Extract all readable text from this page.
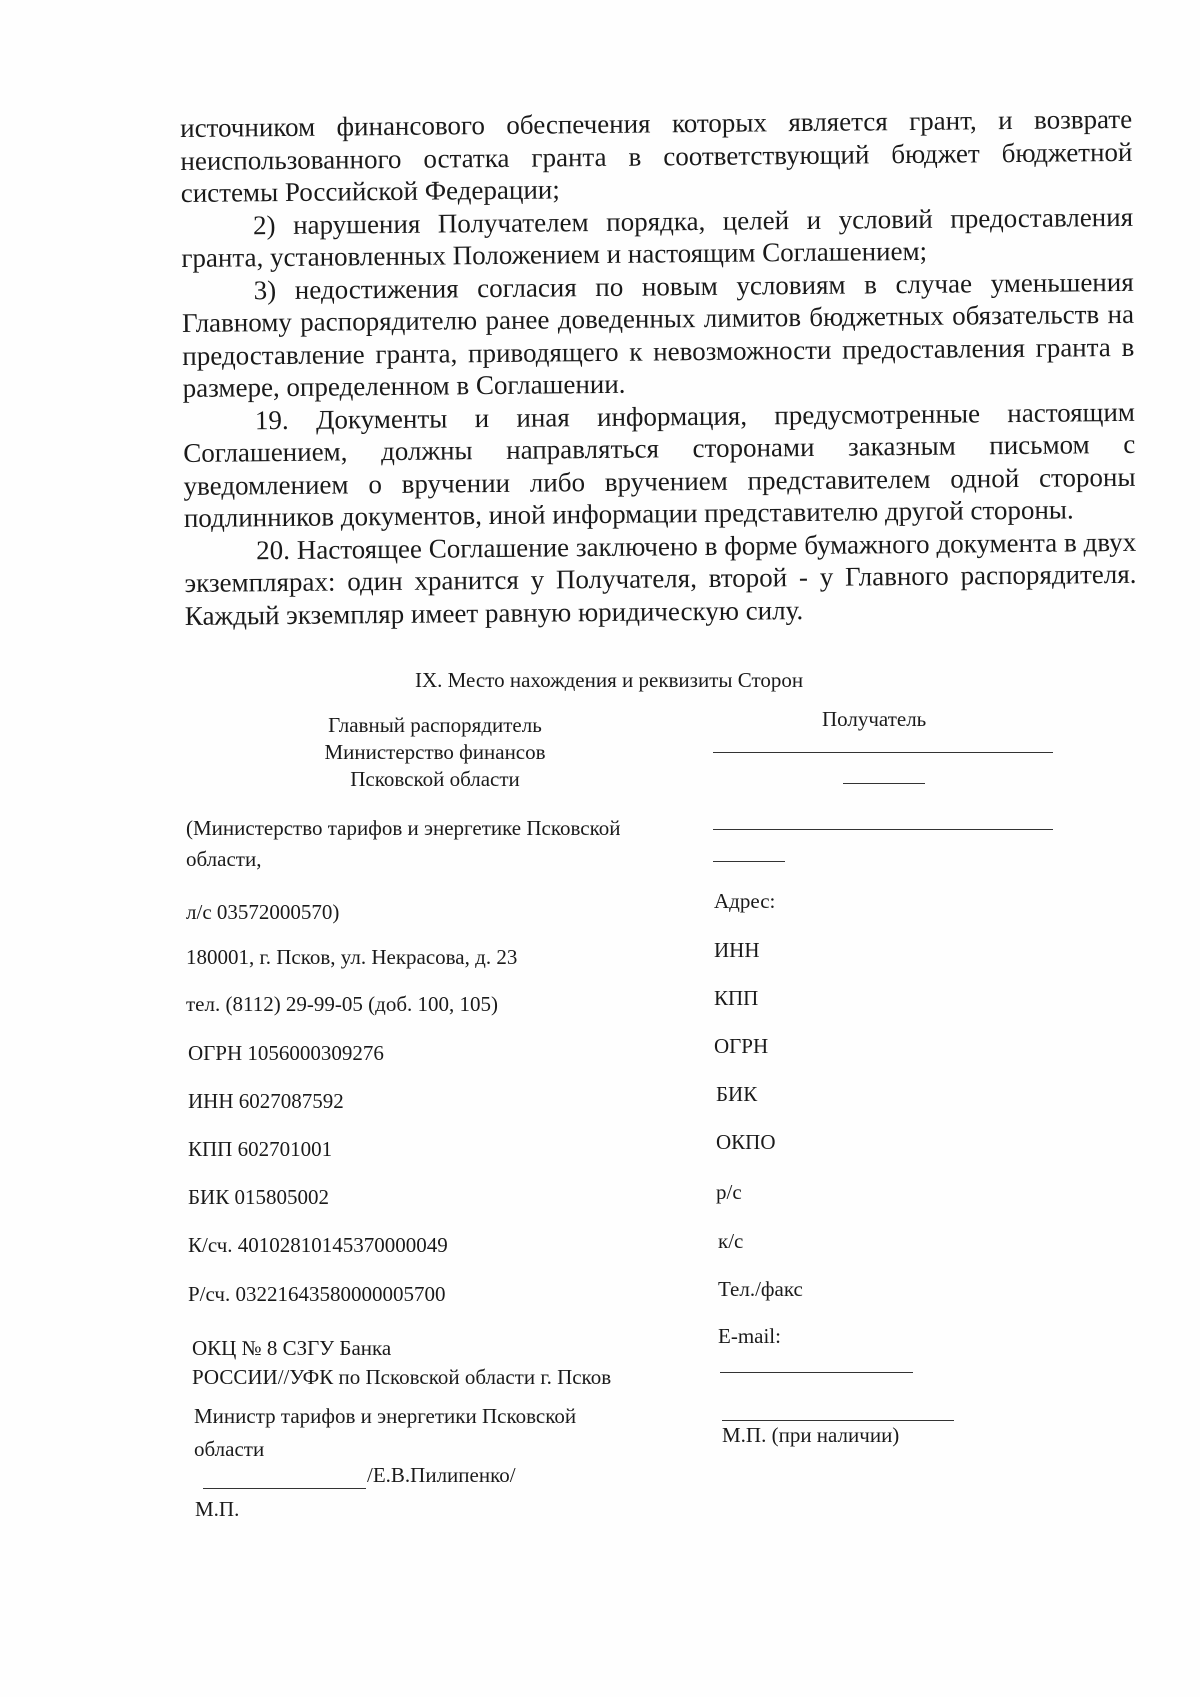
источником финансового обеспечения которых является грант, и возврате неиспользованного остатка гранта в соответствующий бюджет бюджетной системы Российской Федерации;

2) нарушения Получателем порядка, целей и условий предоставления гранта, установленных Положением и настоящим Соглашением;

3) недостижения согласия по новым условиям в случае уменьшения Главному распорядителю ранее доведенных лимитов бюджетных обязательств на предоставление гранта, приводящего к невозможности предоставления гранта в размере, определенном в Соглашении.

19. Документы и иная информация, предусмотренные настоящим Соглашением, должны направляться сторонами заказным письмом с уведомлением о вручении либо вручением представителем одной стороны подлинников документов, иной информации представителю другой стороны.

20. Настоящее Соглашение заключено в форме бумажного документа в двух экземплярах: один хранится у Получателя, второй - у Главного распорядителя. Каждый экземпляр имеет равную юридическую силу.

IX. Место нахождения и реквизиты Сторон
Главный распорядитель
Министерство финансов
Псковской области
(Министерство тарифов и энергетике Псковской
области,
л/с 03572000570)
180001, г. Псков, ул. Некрасова, д. 23
тел. (8112) 29-99-05 (доб. 100, 105)
ОГРН 1056000309276
ИНН 6027087592
КПП 602701001
БИК 015805002
К/сч. 40102810145370000049
Р/сч. 03221643580000005700
ОКЦ № 8 СЗГУ Банка
РОССИИ//УФК по Псковской области г. Псков
Министр тарифов и энергетики Псковской
области
/Е.В.Пилипенко/
М.П.
Получатель
Адрес:
ИНН
КПП
ОГРН
БИК
ОКПО
р/с
к/с
Тел./факс
E-mail:
М.П. (при наличии)
